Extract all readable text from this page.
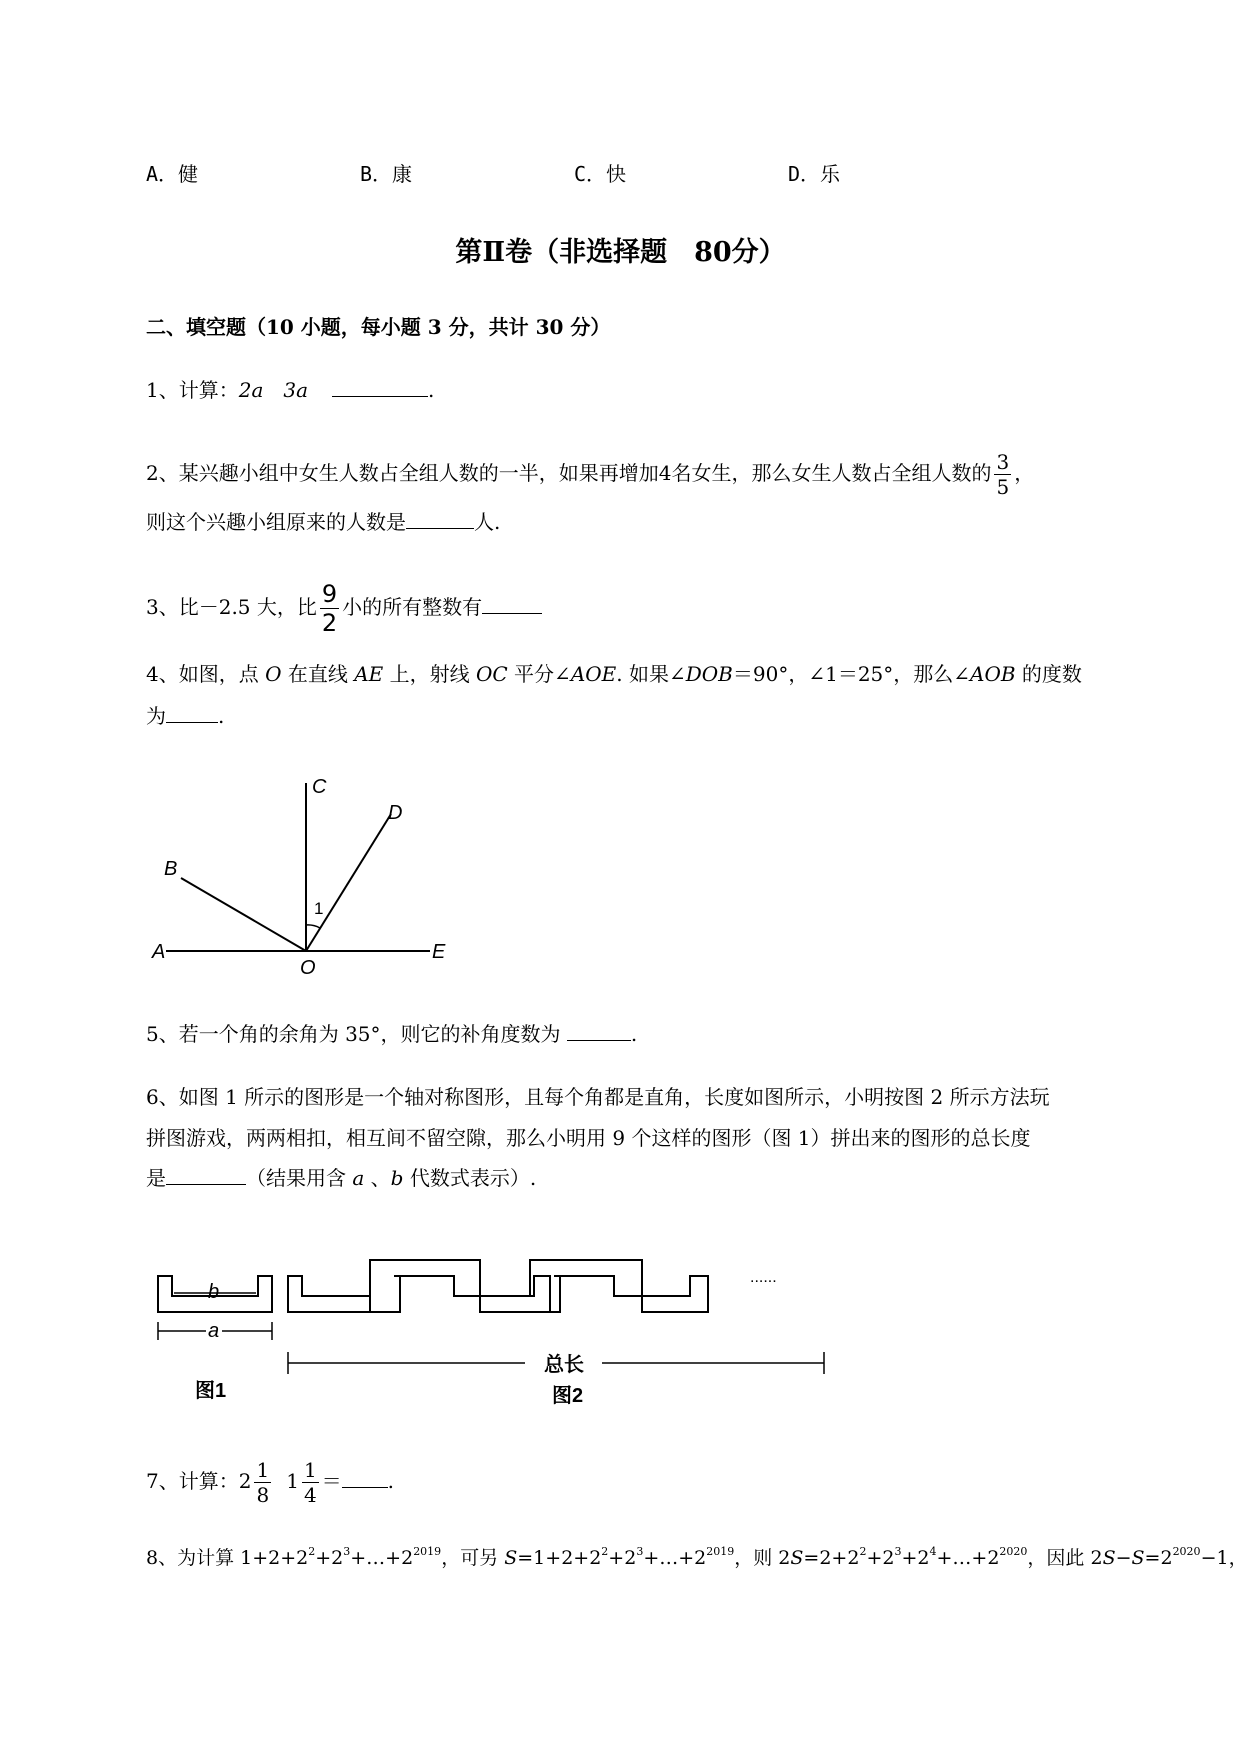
A．健	B．康	C．快	D．乐
第Ⅱ卷（非选择题　80分）
二、填空题（10 小题，每小题 3 分，共计 30 分）
1、计算：2a 3a	.
2、某兴趣小组中女生人数占全组人数的一半，如果再增加4名女生，那么女生人数占全组人数的 $\frac{3}{5}$ ，
则这个兴趣小组原来的人数是	人.
3、比－2.5 大，比 $\frac{9}{2}$ 小的所有整数有
4、如图，点 O 在直线 AE 上，射线 OC 平分∠AOE. 如果∠DOB＝90°，∠1＝25°，那么∠AOB 的度数
为	.
C
D
B
A
O
E
1
5、若一个角的余角为 35°，则它的补角度数为	.
6、如图 1 所示的图形是一个轴对称图形，且每个角都是直角，长度如图所示，小明按图 2 所示方法玩
拼图游戏，两两相扣，相互间不留空隙，那么小明用 9 个这样的图形（图 1）拼出来的图形的总长度
是	（结果用含 a 、b 代数式表示）.
b
a
图1
总长
图2
......
7、计算：$2 \frac{1}{8} 1 \frac{1}{4}$ ＝ .
8、为计算 $1+2+2^2+2^3+\dots+2^{2019}$，可另 $S=1+2+2^2+2^3+\dots+2^{2019}$，则 $2S=2+2^2+2^3+2^4+\dots+2^{2020}$，因此 $2S-S=2^{2020}-1$，
